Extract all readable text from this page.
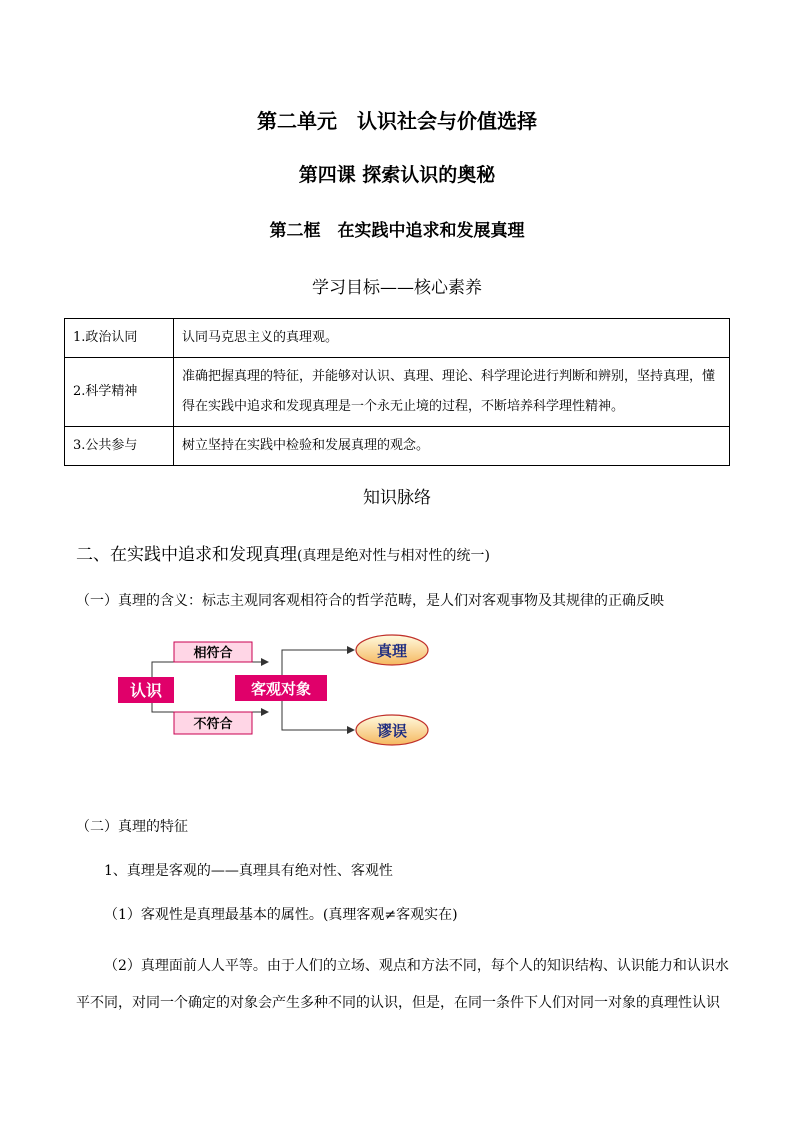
第二单元　认识社会与价值选择
第四课 探索认识的奥秘
第二框　在实践中追求和发展真理
学习目标——核心素养
1.政治认同	认同马克思主义的真理观。
2.科学精神	准确把握真理的特征，并能够对认识、真理、理论、科学理论进行判断和辨别，坚持真理，懂得在实践中追求和发现真理是一个永无止境的过程，不断培养科学理性精神。
3.公共参与	树立坚持在实践中检验和发展真理的观念。
知识脉络
二、在实践中追求和发现真理(真理是绝对性与相对性的统一)
（一）真理的含义：标志主观同客观相符合的哲学范畴，是人们对客观事物及其规律的正确反映
认识	客观对象
相符合
不符合
真理
谬误
（二）真理的特征
1、真理是客观的——真理具有绝对性、客观性
（1）客观性是真理最基本的属性。(真理客观≠客观实在)
（2）真理面前人人平等。由于人们的立场、观点和方法不同，每个人的知识结构、认识能力和认识水平不同，对同一个确定的对象会产生多种不同的认识，但是，在同一条件下人们对同一对象的真理性认识
